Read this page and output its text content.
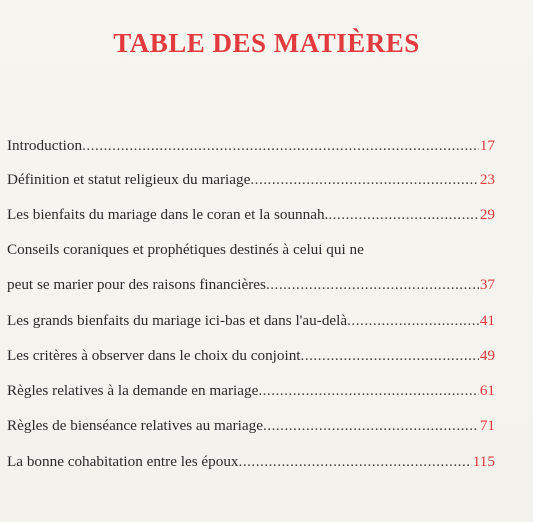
TABLE DES MATIÈRES
Introduction .....	17
Définition et statut religieux du mariage .....	23
Les bienfaits du mariage dans le coran et la sounnah. .....	29
Conseils coraniques et prophétiques destinés à celui qui ne
peut se marier pour des raisons financières .....	37
Les grands bienfaits du mariage ici-bas et dans l'au-delà .....	41
Les critères à observer dans le choix du conjoint .....	49
Règles relatives à la demande en mariage .....	61
Règles de bienséance relatives au mariage .....	71
La bonne cohabitation entre les époux .....	115
